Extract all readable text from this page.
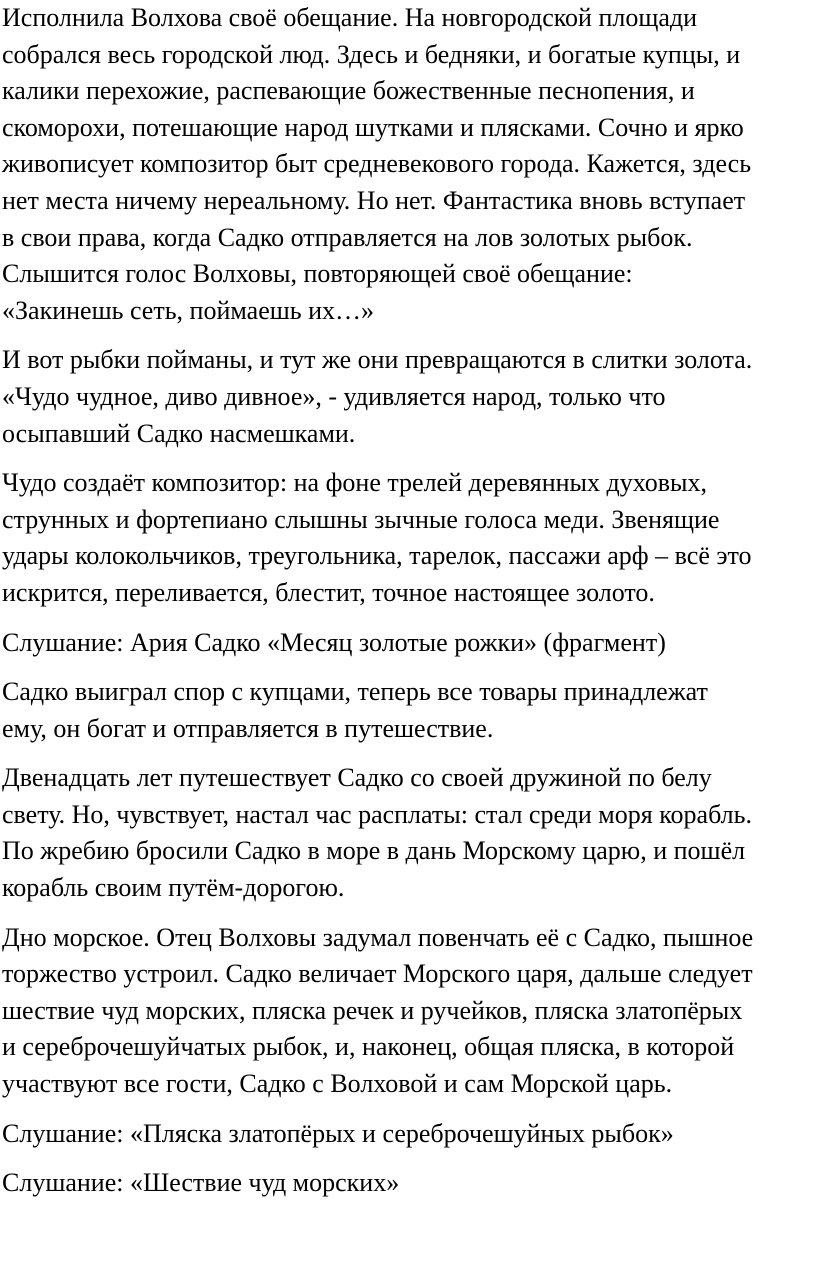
Исполнила Волхова своё обещание. На новгородской площади
собрался весь городской люд. Здесь и бедняки, и богатые купцы, и
калики перехожие, распевающие божественные песнопения, и
скоморохи, потешающие народ шутками и плясками. Сочно и ярко
живописует композитор быт средневекового города. Кажется, здесь
нет места ничему нереальному. Но нет. Фантастика вновь вступает
в свои права, когда Садко отправляется на лов золотых рыбок.
Слышится голос Волховы, повторяющей своё обещание:
«Закинешь сеть, поймаешь их…»

И вот рыбки пойманы, и тут же они превращаются в слитки золота.
«Чудо чудное, диво дивное», - удивляется народ, только что
осыпавший Садко насмешками.

Чудо создаёт композитор: на фоне трелей деревянных духовых,
струнных и фортепиано слышны зычные голоса меди. Звенящие
удары колокольчиков, треугольника, тарелок, пассажи арф – всё это
искрится, переливается, блестит, точное настоящее золото.

Слушание: Ария Садко «Месяц золотые рожки» (фрагмент)

Садко выиграл спор с купцами, теперь все товары принадлежат
ему, он богат и отправляется в путешествие.

Двенадцать лет путешествует Садко со своей дружиной по белу
свету. Но, чувствует, настал час расплаты: стал среди моря корабль.
По жребию бросили Садко в море в дань Морскому царю, и пошёл
корабль своим путём-дорогою.

Дно морское. Отец Волховы задумал повенчать её с Садко, пышное
торжество устроил. Садко величает Морского царя, дальше следует
шествие чуд морских, пляска речек и ручейков, пляска златопёрых
и сереброчешуйчатых рыбок, и, наконец, общая пляска, в которой
участвуют все гости, Садко с Волховой и сам Морской царь.

Слушание: «Пляска златопёрых и сереброчешуйных рыбок»

Слушание: «Шествие чуд морских»
